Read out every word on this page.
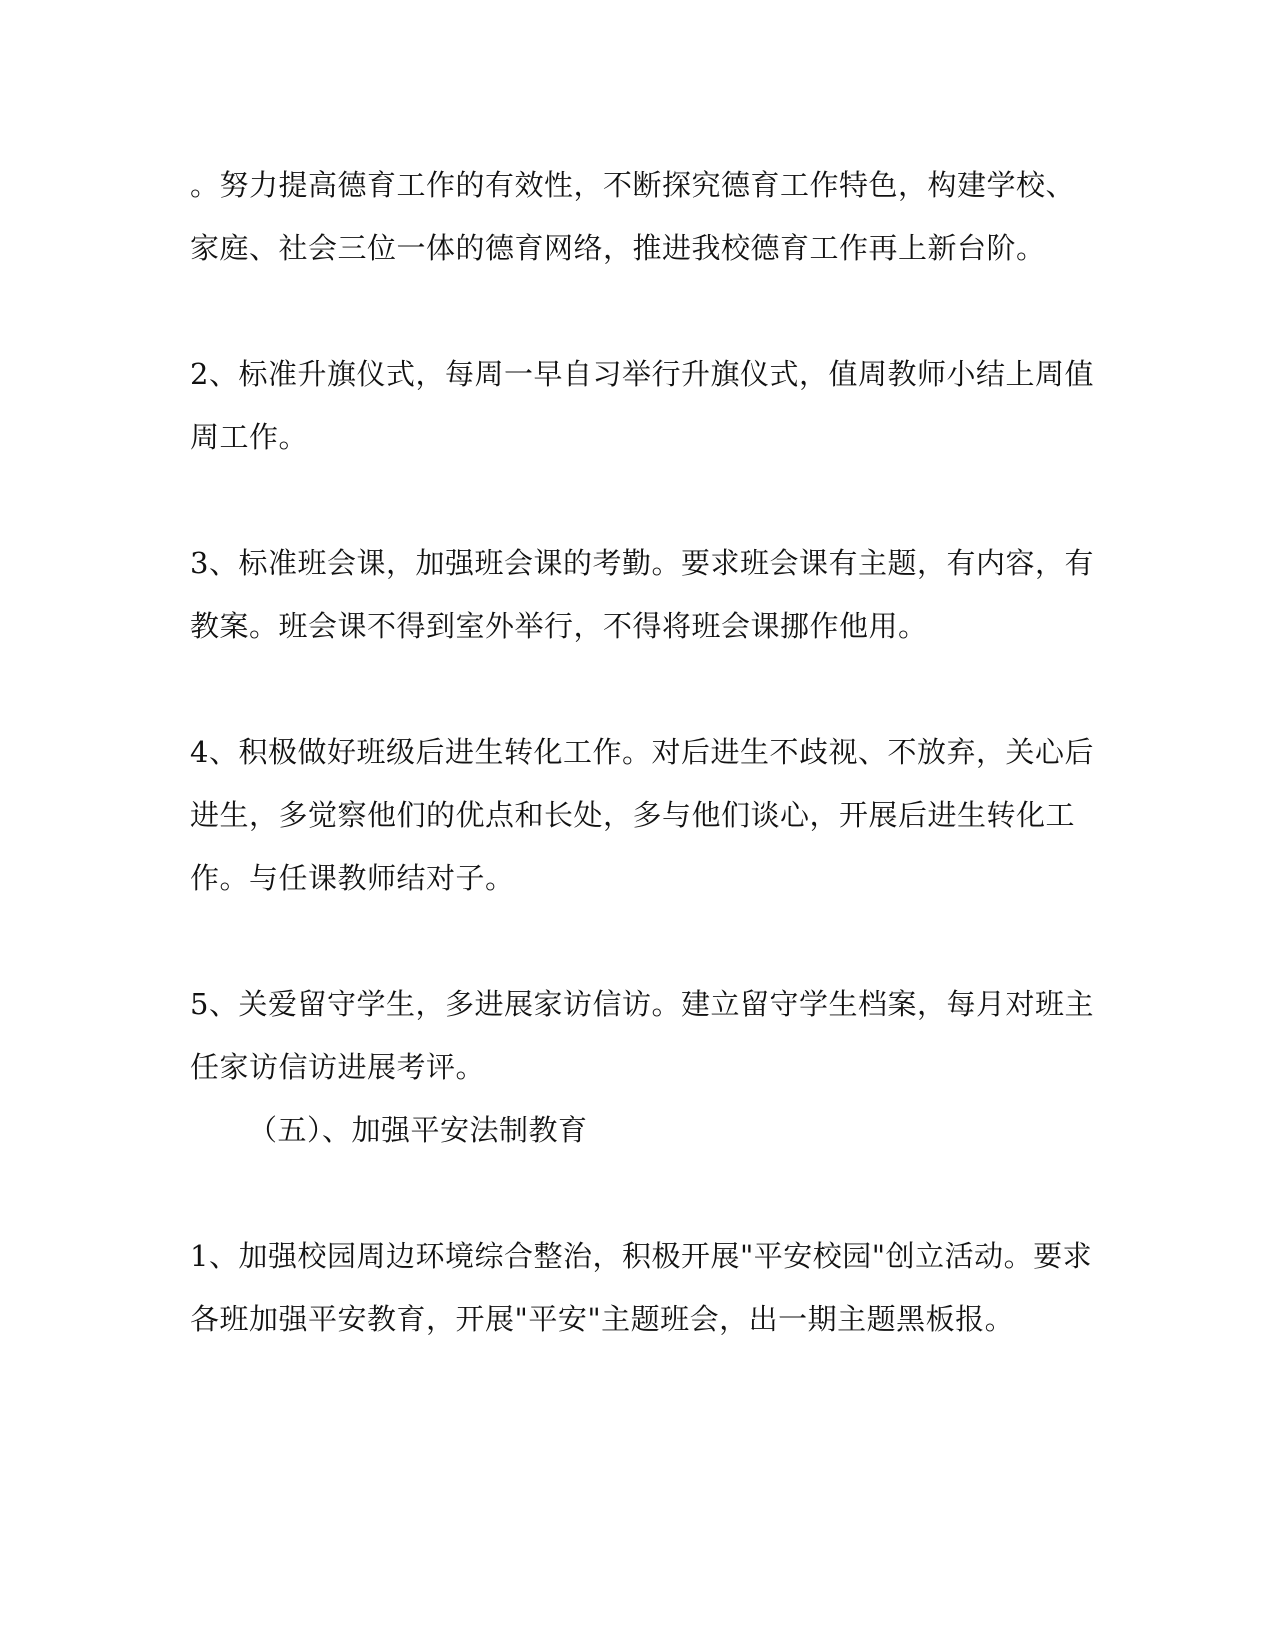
。努力提高德育工作的有效性，不断探究德育工作特色，构建学校、
家庭、社会三位一体的德育网络，推进我校德育工作再上新台阶。
2、标准升旗仪式，每周一早自习举行升旗仪式，值周教师小结上周值
周工作。
3、标准班会课，加强班会课的考勤。要求班会课有主题，有内容，有
教案。班会课不得到室外举行，不得将班会课挪作他用。
4、积极做好班级后进生转化工作。对后进生不歧视、不放弃，关心后
进生，多觉察他们的优点和长处，多与他们谈心，开展后进生转化工
作。与任课教师结对子。
5、关爱留守学生，多进展家访信访。建立留守学生档案，每月对班主
任家访信访进展考评。
（五）、加强平安法制教育
1、加强校园周边环境综合整治，积极开展"平安校园"创立活动。要求
各班加强平安教育，开展"平安"主题班会，出一期主题黑板报。
